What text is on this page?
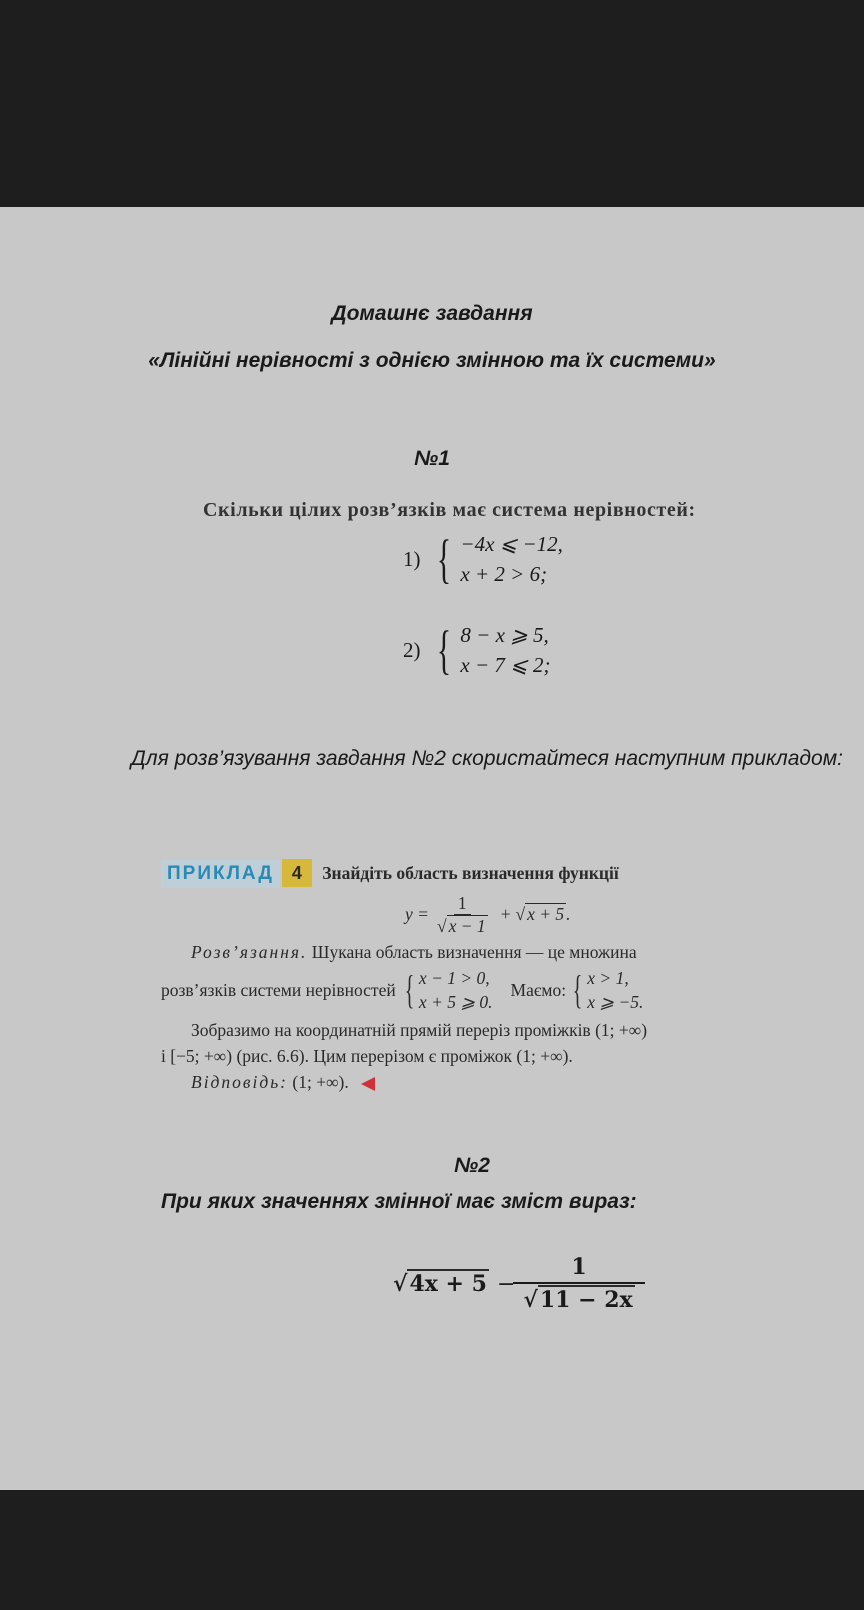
Домашнє завдання
«Лінійні нерівності з однією змінною та їх системи»
№1
Скільки цілих розв’язків має система нерівностей:
1) { −4x ⩽ −12,
x + 2 > 6;
2) { 8 − x ⩾ 5,
x − 7 ⩽ 2;
Для розв’язування завдання №2 скористайтеся наступним прикладом:
ПРИКЛАД 4 Знайдіть область визначення функції
$y = \frac{1}{√ x - 1}$ + √ x + 5 .
Розв’язання. Шукана область визначення — це множина
розв’язків системи нерівностей { x − 1 > 0,
x + 5 ⩾ 0.
Маємо: { x > 1,
x ⩾ −5.
Зобразимо на координатній прямій переріз проміжків (1; +∞)
і [−5; +∞) (рис. 6.6). Цим перерізом є проміжок (1; +∞).
Відповідь: (1; +∞).
№2
При яких значеннях змінної має зміст вираз:
$√4x + 5 - \frac{1}{√11 - 2x}$
